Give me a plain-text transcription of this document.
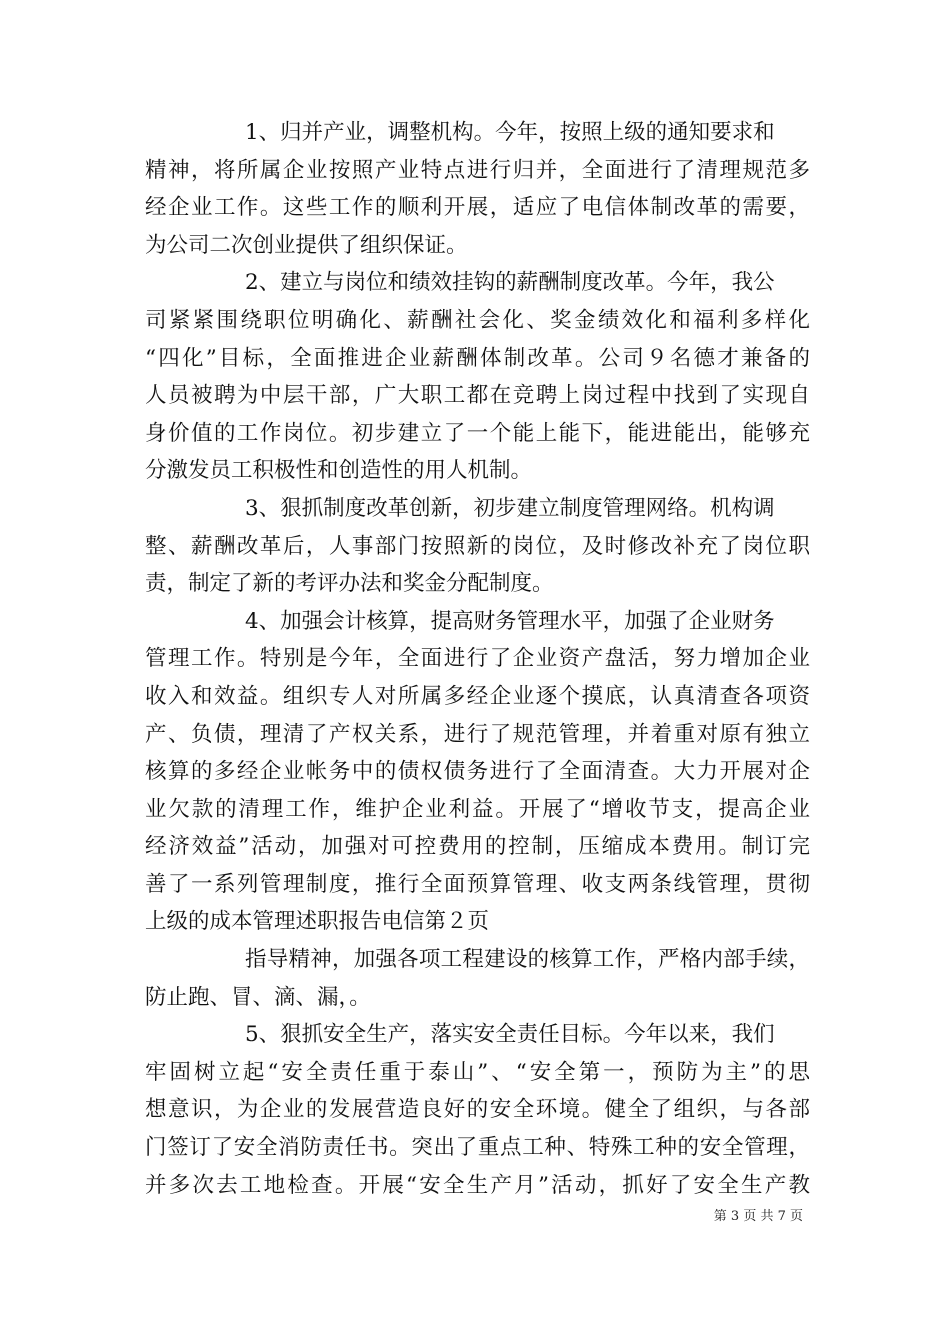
1、归并产业，调整机构。今年，按照上级的通知要求和
精神，将所属企业按照产业特点进行归并，全面进行了清理规范多
经企业工作。这些工作的顺利开展，适应了电信体制改革的需要，
为公司二次创业提供了组织保证。
2、建立与岗位和绩效挂钩的薪酬制度改革。今年，我公
司紧紧围绕职位明确化、薪酬社会化、奖金绩效化和福利多样化
“四化”目标，全面推进企业薪酬体制改革。公司９名德才兼备的
人员被聘为中层干部，广大职工都在竞聘上岗过程中找到了实现自
身价值的工作岗位。初步建立了一个能上能下，能进能出，能够充
分激发员工积极性和创造性的用人机制。
3、狠抓制度改革创新，初步建立制度管理网络。机构调
整、薪酬改革后，人事部门按照新的岗位，及时修改补充了岗位职
责，制定了新的考评办法和奖金分配制度。
4、加强会计核算，提高财务管理水平，加强了企业财务
管理工作。特别是今年，全面进行了企业资产盘活，努力增加企业
收入和效益。组织专人对所属多经企业逐个摸底，认真清查各项资
产、负债，理清了产权关系，进行了规范管理，并着重对原有独立
核算的多经企业帐务中的债权债务进行了全面清查。大力开展对企
业欠款的清理工作，维护企业利益。开展了“增收节支，提高企业
经济效益”活动，加强对可控费用的控制，压缩成本费用。制订完
善了一系列管理制度，推行全面预算管理、收支两条线管理，贯彻
上级的成本管理述职报告电信第２页
指导精神，加强各项工程建设的核算工作，严格内部手续，
防止跑、冒、滴、漏，。
5、狠抓安全生产，落实安全责任目标。今年以来，我们
牢固树立起“安全责任重于泰山”、“安全第一，预防为主”的思
想意识，为企业的发展营造良好的安全环境。健全了组织，与各部
门签订了安全消防责任书。突出了重点工种、特殊工种的安全管理，
并多次去工地检查。开展“安全生产月”活动，抓好了安全生产教
第 3 页 共 7 页
